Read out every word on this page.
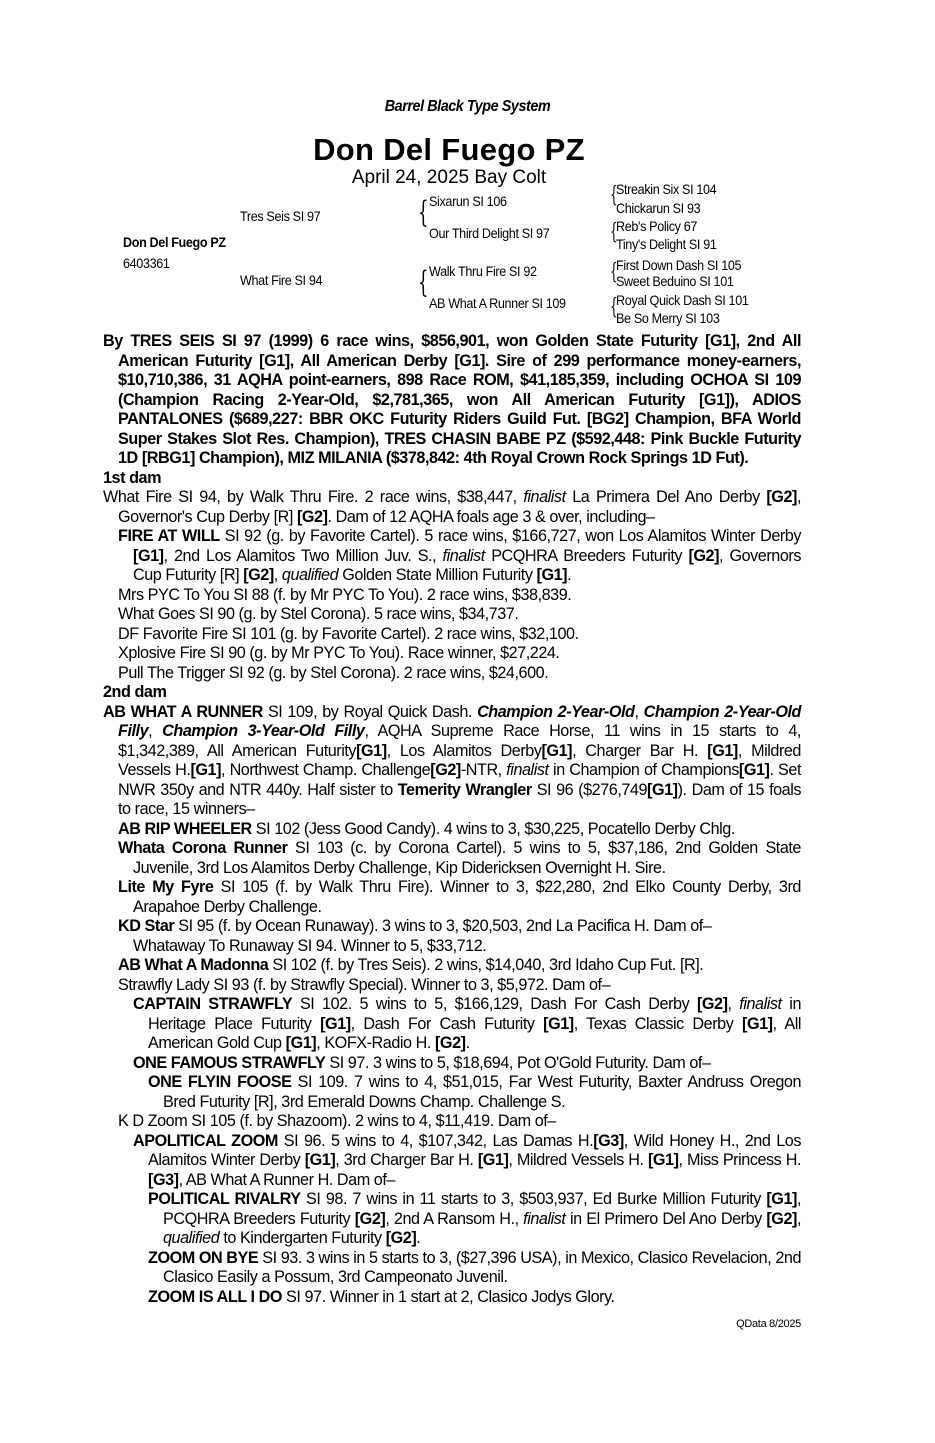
Barrel Black Type System
Don Del Fuego PZ
April 24, 2025 Bay Colt
Don Del Fuego PZ
6403361
Tres Seis SI 97
What Fire SI 94
{ Sixarun SI 106
Our Third Delight SI 97
{ Walk Thru Fire SI 92
AB What A Runner SI 109
{
Streakin Six SI 104
Chickarun SI 93
{
Reb's Policy 67
Tiny's Delight SI 91
{
First Down Dash SI 105
Sweet Beduino SI 101
{
Royal Quick Dash SI 101
Be So Merry SI 103
By TRES SEIS SI 97 (1999) 6 race wins, $856,901, won Golden State Futurity [G1], 2nd All American Futurity [G1], All American Derby [G1]. Sire of 299 performance money-earners, $10,710,386, 31 AQHA point-earners, 898 Race ROM, $41,185,359, including OCHOA SI 109 (Champion Racing 2-Year-Old, $2,781,365, won All American Futurity [G1]), ADIOS PANTALONES ($689,227: BBR OKC Futurity Riders Guild Fut. [BG2] Champion, BFA World Super Stakes Slot Res. Champion), TRES CHASIN BABE PZ ($592,448: Pink Buckle Futurity 1D [RBG1] Champion), MIZ MILANIA ($378,842: 4th Royal Crown Rock Springs 1D Fut).
1st dam
What Fire SI 94, by Walk Thru Fire. 2 race wins, $38,447, finalist La Primera Del Ano Derby [G2], Governor's Cup Derby [R] [G2]. Dam of 12 AQHA foals age 3 & over, including–
FIRE AT WILL SI 92 (g. by Favorite Cartel). 5 race wins, $166,727, won Los Alamitos Winter Derby [G1], 2nd Los Alamitos Two Million Juv. S., finalist PCQHRA Breeders Futurity [G2], Governors Cup Futurity [R] [G2], qualified Golden State Million Futurity [G1].
Mrs PYC To You SI 88 (f. by Mr PYC To You). 2 race wins, $38,839.
What Goes SI 90 (g. by Stel Corona). 5 race wins, $34,737.
DF Favorite Fire SI 101 (g. by Favorite Cartel). 2 race wins, $32,100.
Xplosive Fire SI 90 (g. by Mr PYC To You). Race winner, $27,224.
Pull The Trigger SI 92 (g. by Stel Corona). 2 race wins, $24,600.
2nd dam
AB WHAT A RUNNER SI 109, by Royal Quick Dash. Champion 2-Year-Old, Champion 2-Year-Old Filly, Champion 3-Year-Old Filly, AQHA Supreme Race Horse, 11 wins in 15 starts to 4, $1,342,389, All American Futurity[G1], Los Alamitos Derby[G1], Charger Bar H. [G1], Mildred Vessels H.[G1], Northwest Champ. Challenge[G2]-NTR, finalist in Champion of Champions[G1]. Set NWR 350y and NTR 440y. Half sister to Temerity Wrangler SI 96 ($276,749[G1]). Dam of 15 foals to race, 15 winners–
AB RIP WHEELER SI 102 (Jess Good Candy). 4 wins to 3, $30,225, Pocatello Derby Chlg.
Whata Corona Runner SI 103 (c. by Corona Cartel). 5 wins to 5, $37,186, 2nd Golden State Juvenile, 3rd Los Alamitos Derby Challenge, Kip Didericksen Overnight H. Sire.
Lite My Fyre SI 105 (f. by Walk Thru Fire). Winner to 3, $22,280, 2nd Elko County Derby, 3rd Arapahoe Derby Challenge.
KD Star SI 95 (f. by Ocean Runaway). 3 wins to 3, $20,503, 2nd La Pacifica H. Dam of–
Whataway To Runaway SI 94. Winner to 5, $33,712.
AB What A Madonna SI 102 (f. by Tres Seis). 2 wins, $14,040, 3rd Idaho Cup Fut. [R].
Strawfly Lady SI 93 (f. by Strawfly Special). Winner to 3, $5,972. Dam of–
CAPTAIN STRAWFLY SI 102. 5 wins to 5, $166,129, Dash For Cash Derby [G2], finalist in Heritage Place Futurity [G1], Dash For Cash Futurity [G1], Texas Classic Derby [G1], All American Gold Cup [G1], KOFX-Radio H. [G2].
ONE FAMOUS STRAWFLY SI 97. 3 wins to 5, $18,694, Pot O'Gold Futurity. Dam of–
ONE FLYIN FOOSE SI 109. 7 wins to 4, $51,015, Far West Futurity, Baxter Andruss Oregon Bred Futurity [R], 3rd Emerald Downs Champ. Challenge S.
K D Zoom SI 105 (f. by Shazoom). 2 wins to 4, $11,419. Dam of–
APOLITICAL ZOOM SI 96. 5 wins to 4, $107,342, Las Damas H.[G3], Wild Honey H., 2nd Los Alamitos Winter Derby [G1], 3rd Charger Bar H. [G1], Mildred Vessels H. [G1], Miss Princess H.[G3], AB What A Runner H. Dam of–
POLITICAL RIVALRY SI 98. 7 wins in 11 starts to 3, $503,937, Ed Burke Million Futurity [G1], PCQHRA Breeders Futurity [G2], 2nd A Ransom H., finalist in El Primero Del Ano Derby [G2], qualified to Kindergarten Futurity [G2].
ZOOM ON BYE SI 93. 3 wins in 5 starts to 3, ($27,396 USA), in Mexico, Clasico Revelacion, 2nd Clasico Easily a Possum, 3rd Campeonato Juvenil.
ZOOM IS ALL I DO SI 97. Winner in 1 start at 2, Clasico Jodys Glory.
QData 8/2025
